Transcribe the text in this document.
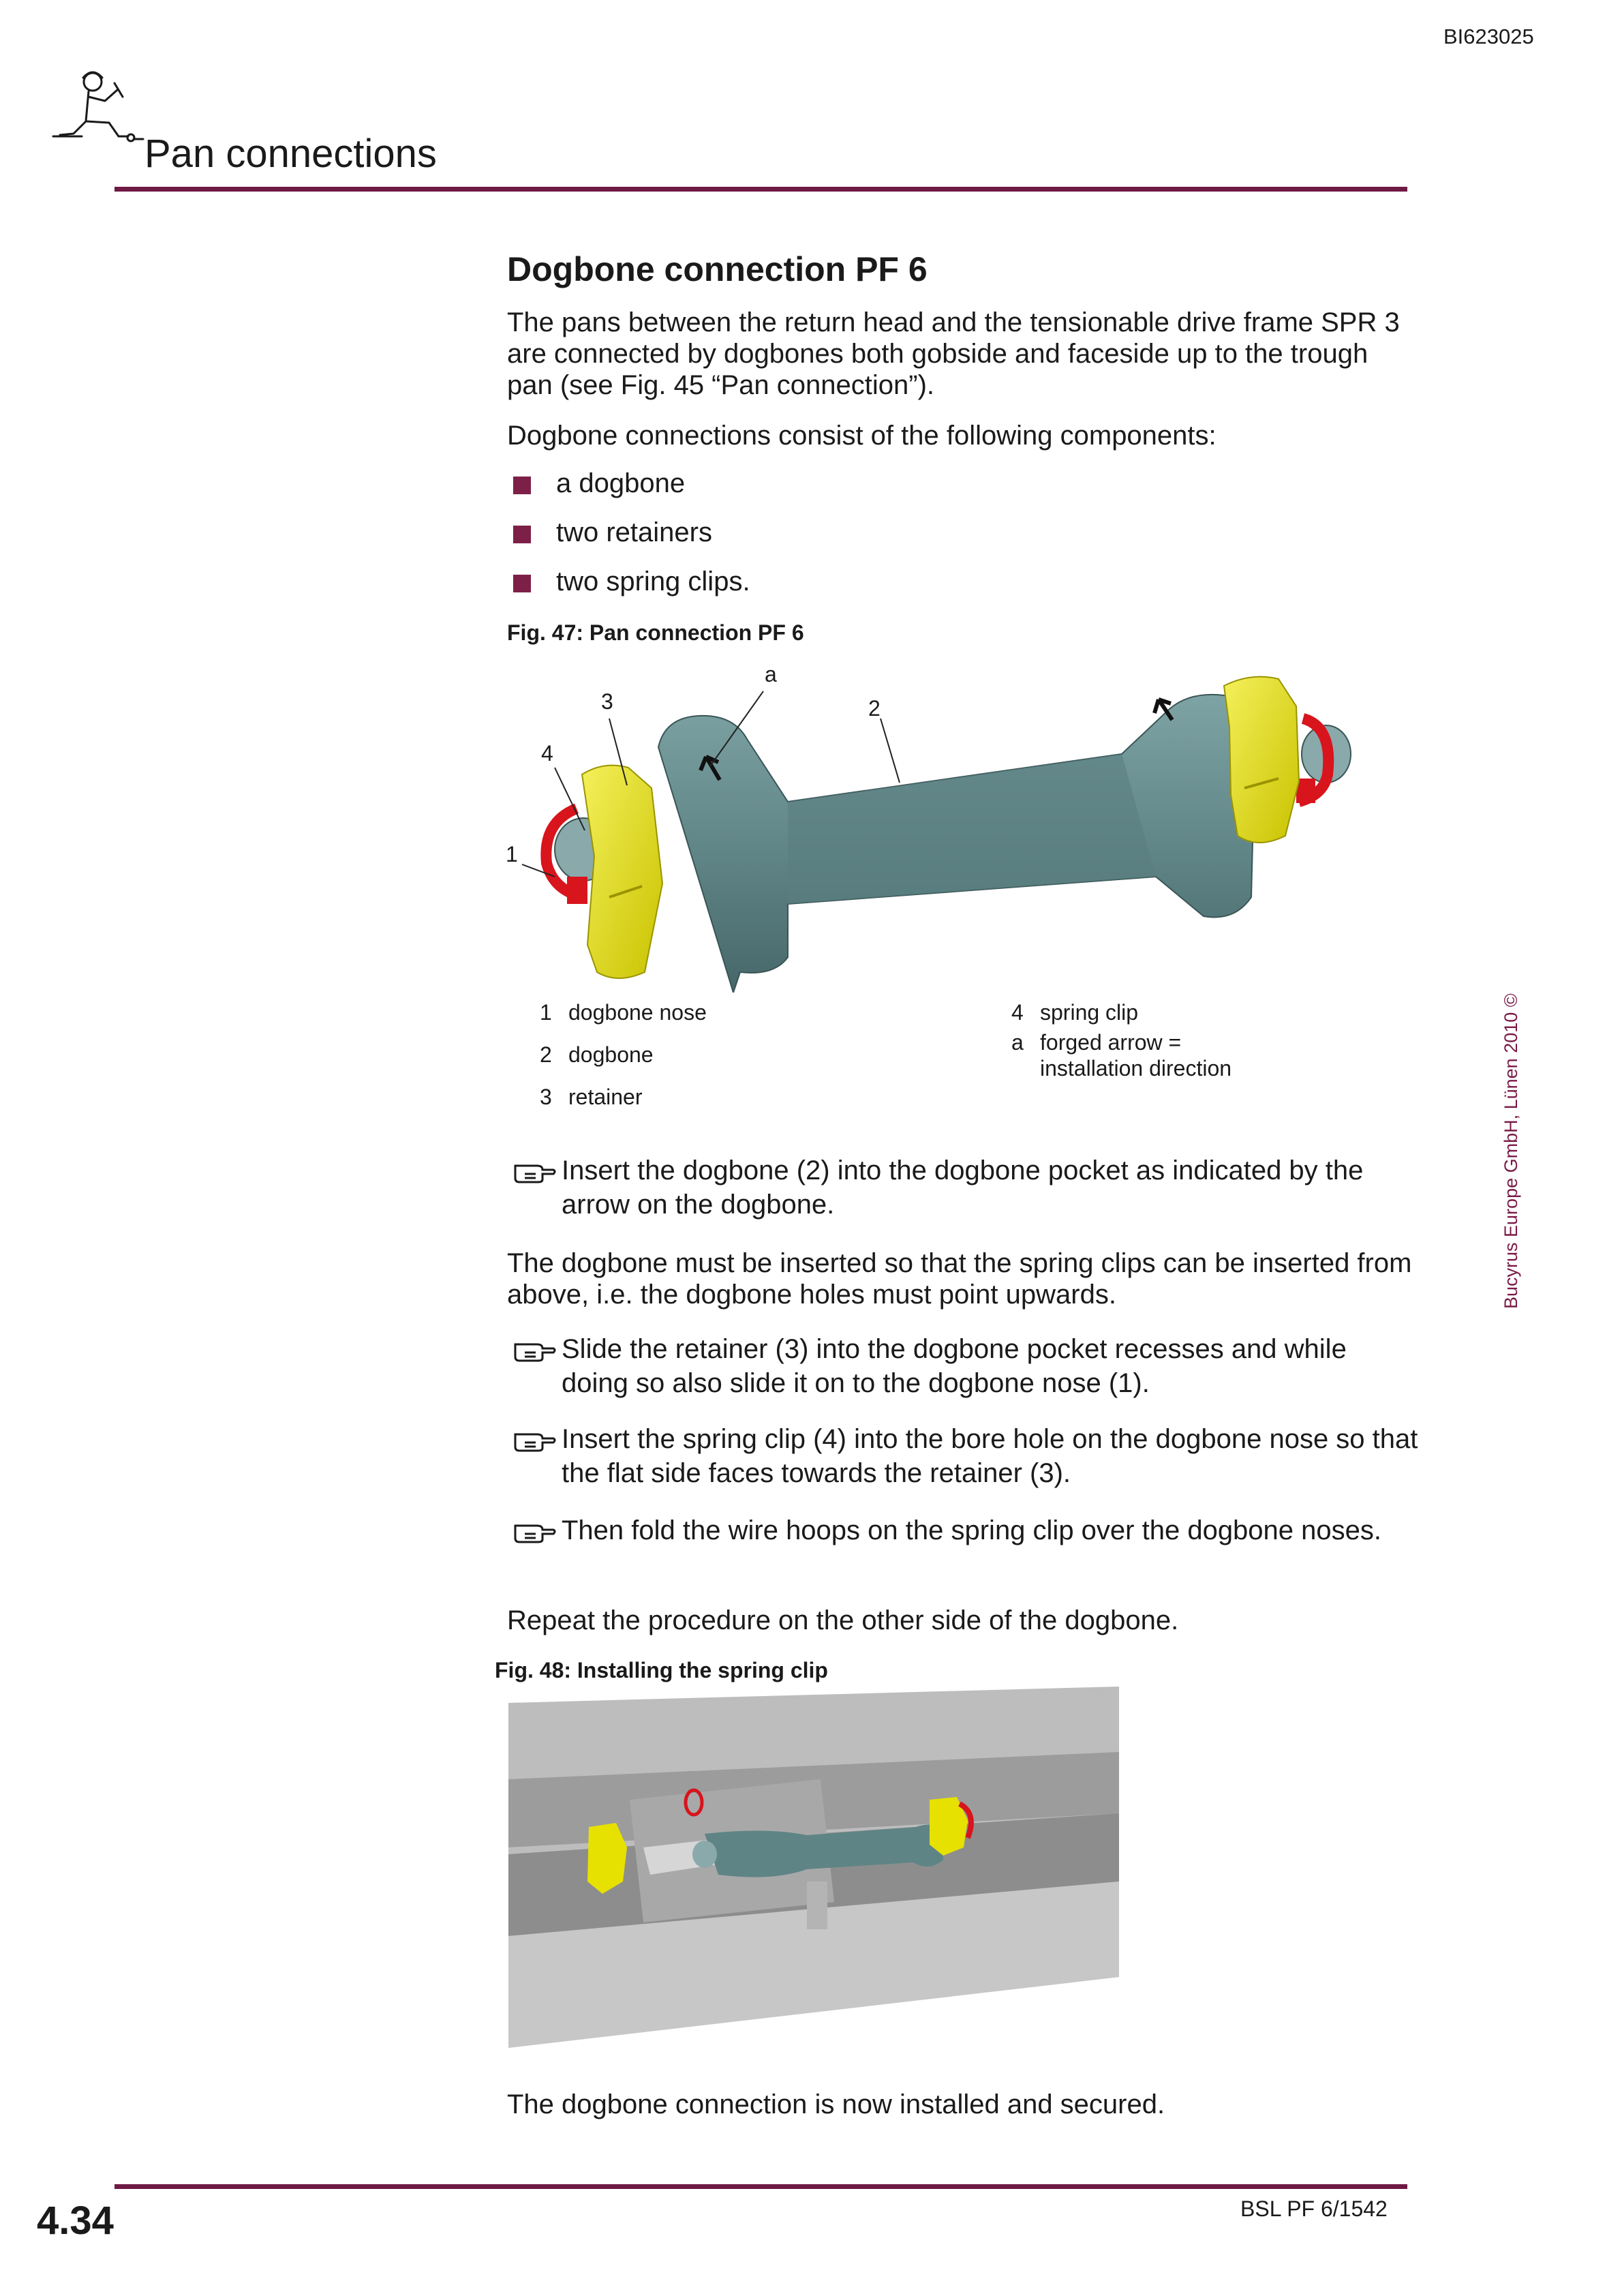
BI623025
Pan connections
Dogbone connection PF 6
The pans between the return head and the tensionable drive frame SPR 3 are connected by dogbones both gobside and faceside up to the trough pan (see Fig. 45 “Pan connection”).
Dogbone connections consist of the following components:
a dogbone
two retainers
two spring clips.
Fig. 47: Pan connection PF 6
a
3	2
4
1
1 dogbone nose
2 dogbone
3 retainer
4 spring clip
a forged arrow =
installation direction
Insert the dogbone (2) into the dogbone pocket as indicated by the arrow on the dogbone.
The dogbone must be inserted so that the spring clips can be inserted from above, i.e. the dogbone holes must point upwards.
Slide the retainer (3) into the dogbone pocket recesses and while doing so also slide it on to the dogbone nose (1).
Insert the spring clip (4) into the bore hole on the dogbone nose so that the flat side faces towards the retainer (3).
Then fold the wire hoops on the spring clip over the dogbone noses.
Repeat the procedure on the other side of the dogbone.
Fig. 48: Installing the spring clip
The dogbone connection is now installed and secured.
Bucyrus Europe GmbH, Lünen 2010 ©
4.34	BSL PF 6/1542
